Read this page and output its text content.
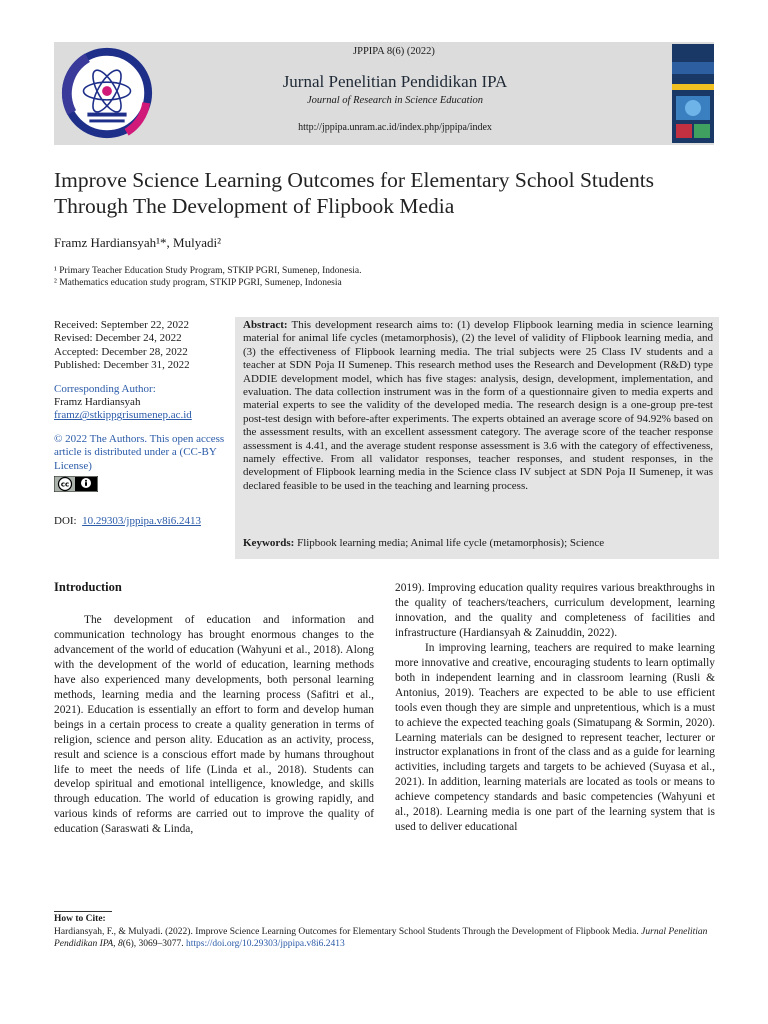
JPPIPA 8(6) (2022)
Jurnal Penelitian Pendidikan IPA
Journal of Research in Science Education
http://jppipa.unram.ac.id/index.php/jppipa/index
Improve Science Learning Outcomes for Elementary School Students Through The Development of Flipbook Media
Framz Hardiansyah¹*, Mulyadi²
¹ Primary Teacher Education Study Program, STKIP PGRI, Sumenep, Indonesia.
² Mathematics education study program, STKIP PGRI, Sumenep, Indonesia
Received: September 22, 2022
Revised: December 24, 2022
Accepted: December 28, 2022
Published: December 31, 2022
Corresponding Author:
Framz Hardiansyah
framz@stkippgrisumenep.ac.id
© 2022 The Authors. This open access article is distributed under a (CC-BY License)
cc
DOI: 10.29303/jppipa.v8i6.2413
Abstract: This development research aims to: (1) develop Flipbook learning media in science learning material for animal life cycles (metamorphosis), (2) the level of validity of Flipbook learning media, and (3) the effectiveness of Flipbook learning media. The trial subjects were 25 Class IV students and a teacher at SDN Poja II Sumenep. This research method uses the Research and Development (R&D) type ADDIE development model, which has five stages: analysis, design, development, implementation, and evaluation. The data collection instrument was in the form of a questionnaire given to media experts and material experts to see the validity of the developed media. The research design is a one-group pre-test post-test design with before-after experiments. The experts obtained an average score of 94.92% based on the assessment results, with an excellent assessment category. The average score of the teacher response assessment is 4.41, and the average student response assessment is 3.6 with the category of effectiveness, namely effective. From all validator responses, teacher responses, and student responses, in the development of Flipbook learning media in the Science class IV subject at SDN Poja II Sumenep, it was declared feasible to be used in the teaching and learning process.
Keywords: Flipbook learning media; Animal life cycle (metamorphosis); Science
Introduction

The development of education and information and communication technology has brought enormous changes to the advancement of the world of education (Wahyuni et al., 2018). Along with the development of the world of education, learning methods have also experienced many developments, both personal learning methods, learning media and the learning process (Safitri et al., 2021). Education is essentially an effort to form and develop human beings in a certain process to create a quality generation in terms of religion, science and person ality. Education as an activity, process, result and science is a conscious effort made by humans throughout life to meet the needs of life (Linda et al., 2018). Students can develop spiritual and emotional intelligence, knowledge, and skills through education. The world of education is growing rapidly, and various kinds of reforms are carried out to improve the quality of education (Saraswati & Linda,

2019). Improving education quality requires various breakthroughs in the quality of teachers/teachers, curriculum development, learning innovation, and the quality and completeness of facilities and infrastructure (Hardiansyah & Zainuddin, 2022).

In improving learning, teachers are required to make learning more innovative and creative, encouraging students to learn optimally both in independent learning and in classroom learning (Rusli & Antonius, 2019). Teachers are expected to be able to use efficient tools even though they are simple and unpretentious, which is a must to achieve the expected teaching goals (Simatupang & Sormin, 2020). Learning materials can be designed to represent teacher, lecturer or instructor explanations in front of the class and as a guide for learning activities, including targets and targets to be achieved (Suyasa et al., 2021). In addition, learning materials are located as tools or means to achieve competency standards and basic competencies (Wahyuni et al., 2018). Learning media is one part of the learning system that is used to deliver educational

How to Cite:
Hardiansyah, F., & Mulyadi. (2022). Improve Science Learning Outcomes for Elementary School Students Through the Development of Flipbook Media. Jurnal Penelitian Pendidikan IPA, 8(6), 3069–3077. https://doi.org/10.29303/jppipa.v8i6.2413
